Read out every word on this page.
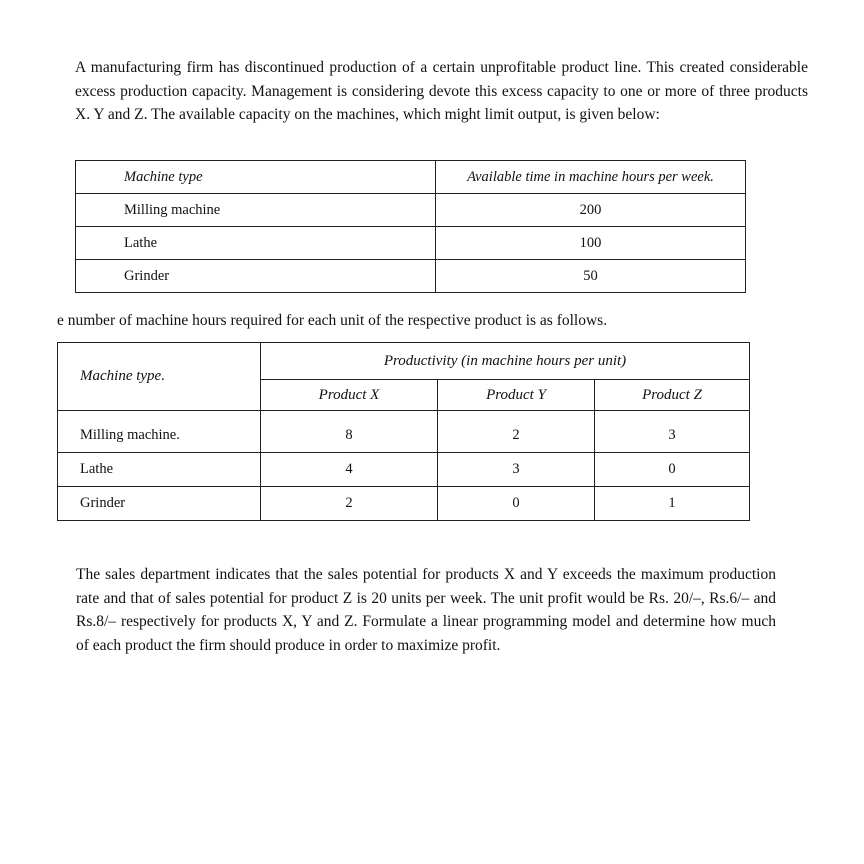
A manufacturing firm has discontinued production of a certain unprofitable product line. This created considerable excess production capacity. Management is considering devote this excess capacity to one or more of three products X. Y and Z. The available capacity on the machines, which might limit output, is given below:

Machine type	Available time in machine hours per week.
Milling machine	200
Lathe	100
Grinder	50

e number of machine hours required for each unit of the respective product is as follows.

Machine type.	Productivity (in machine hours per unit)		
	Product X	Product Y	Product Z

Milling machine.	8	2	3
Lathe	4	3	0
Grinder	2	0	1

The sales department indicates that the sales potential for products X and Y exceeds the maximum production rate and that of sales potential for product Z is 20 units per week. The unit profit would be Rs. 20/–, Rs.6/– and Rs.8/– respectively for products X, Y and Z. Formulate a linear programming model and determine how much of each product the firm should produce in order to maximize profit.
